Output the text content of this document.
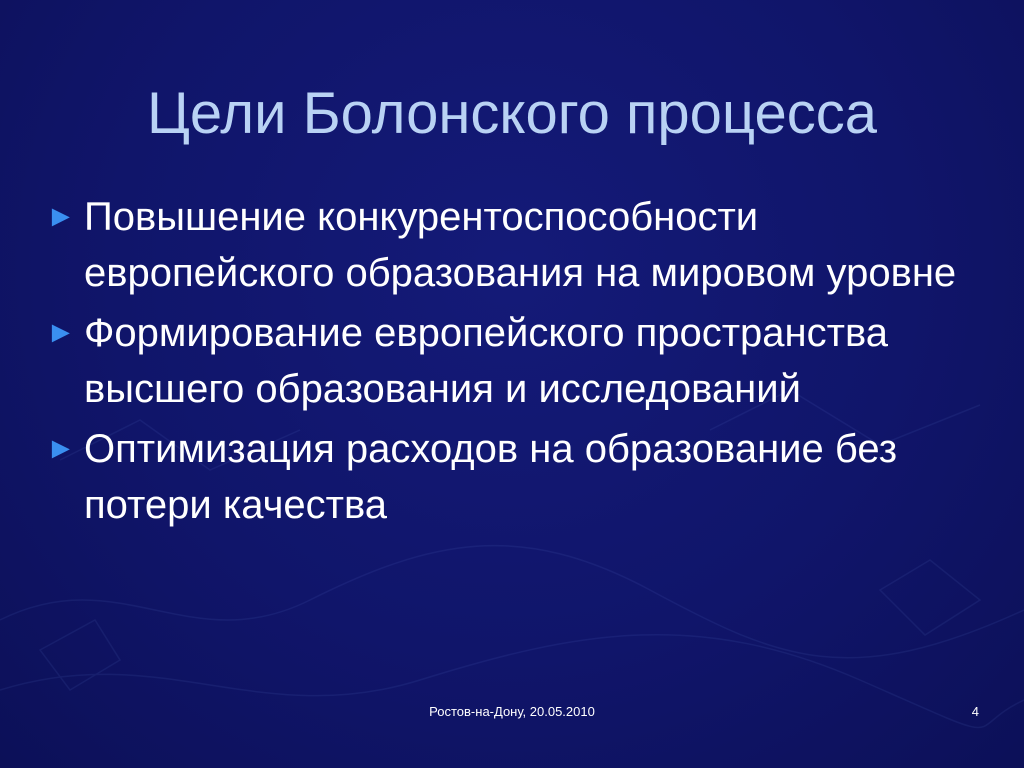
Цели Болонского процесса
► Повышение конкурентоспособности европейского образования на мировом уровне
► Формирование европейского пространства высшего образования и исследований
► Оптимизация расходов на образование без потери качества
Ростов-на-Дону, 20.05.2010	4
